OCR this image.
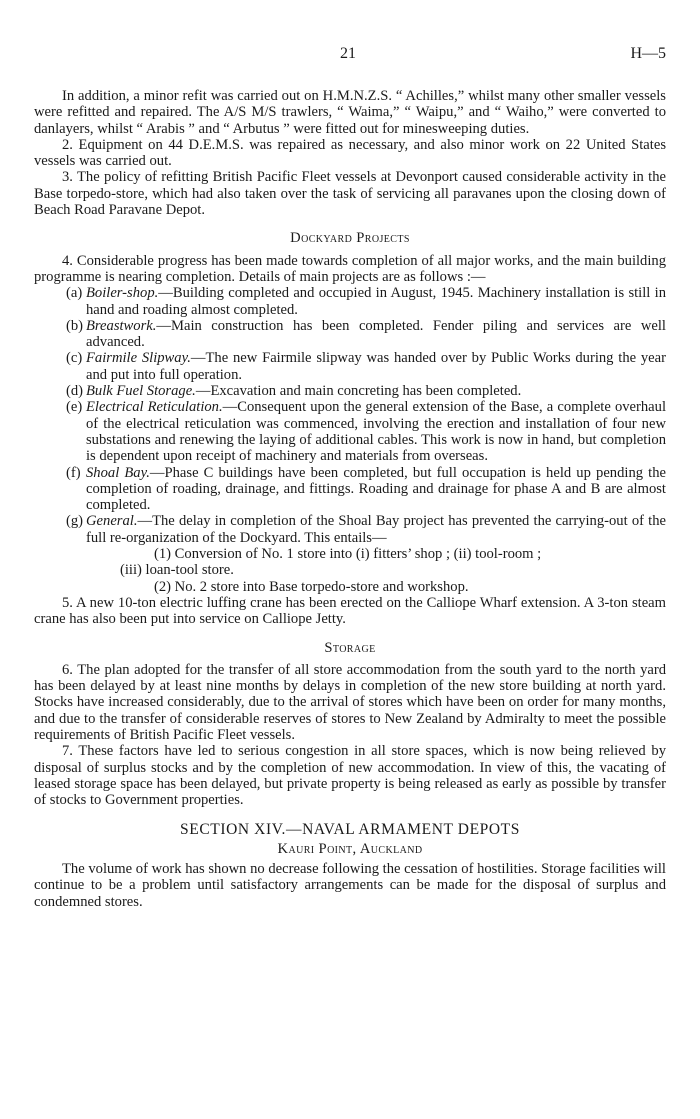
21	H—5

In addition, a minor refit was carried out on H.M.N.Z.S. “ Achilles,” whilst many other smaller vessels were refitted and repaired. The A/S M/S trawlers, “ Waima,” “ Waipu,” and “ Waiho,” were converted to danlayers, whilst “ Arabis ” and “ Arbutus ” were fitted out for minesweeping duties.

2. Equipment on 44 D.E.M.S. was repaired as necessary, and also minor work on 22 United States vessels was carried out.

3. The policy of refitting British Pacific Fleet vessels at Devonport caused considerable activity in the Base torpedo-store, which had also taken over the task of servicing all paravanes upon the closing down of Beach Road Paravane Depot.

Dockyard Projects

4. Considerable progress has been made towards completion of all major works, and the main building programme is nearing completion. Details of main projects are as follows :—

(a) Boiler-shop.—Building completed and occupied in August, 1945. Machinery installation is still in hand and roading almost completed.
(b) Breastwork.—Main construction has been completed. Fender piling and services are well advanced.
(c) Fairmile Slipway.—The new Fairmile slipway was handed over by Public Works during the year and put into full operation.
(d) Bulk Fuel Storage.—Excavation and main concreting has been completed.
(e) Electrical Reticulation.—Consequent upon the general extension of the Base, a complete overhaul of the electrical reticulation was commenced, involving the erection and installation of four new substations and renewing the laying of additional cables. This work is now in hand, but completion is dependent upon receipt of machinery and materials from overseas.
(f) Shoal Bay.—Phase C buildings have been completed, but full occupation is held up pending the completion of roading, drainage, and fittings. Roading and drainage for phase A and B are almost completed.
(g) General.—The delay in completion of the Shoal Bay project has prevented the carrying-out of the full re-organization of the Dockyard. This entails—

(1) Conversion of No. 1 store into (i) fitters’ shop ; (ii) tool-room ;

(iii) loan-tool store.

(2) No. 2 store into Base torpedo-store and workshop.

5. A new 10-ton electric luffing crane has been erected on the Calliope Wharf extension. A 3-ton steam crane has also been put into service on Calliope Jetty.

Storage

6. The plan adopted for the transfer of all store accommodation from the south yard to the north yard has been delayed by at least nine months by delays in completion of the new store building at north yard. Stocks have increased considerably, due to the arrival of stores which have been on order for many months, and due to the transfer of considerable reserves of stores to New Zealand by Admiralty to meet the possible requirements of British Pacific Fleet vessels.

7. These factors have led to serious congestion in all store spaces, which is now being relieved by disposal of surplus stocks and by the completion of new accommodation. In view of this, the vacating of leased storage space has been delayed, but private property is being released as early as possible by transfer of stocks to Government properties.

SECTION XIV.—NAVAL ARMAMENT DEPOTS
Kauri Point, Auckland

The volume of work has shown no decrease following the cessation of hostilities. Storage facilities will continue to be a problem until satisfactory arrangements can be made for the disposal of surplus and condemned stores.
